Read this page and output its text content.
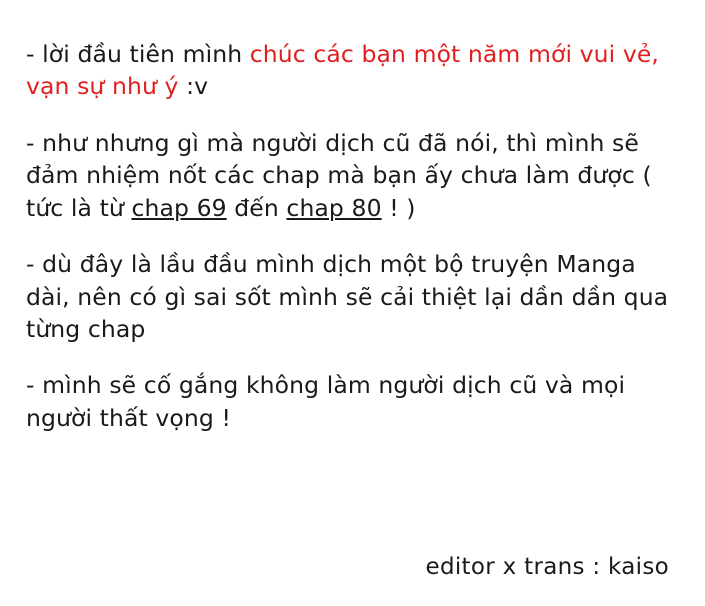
- lời đầu tiên mình chúc các bạn một năm mới vui vẻ, vạn sự như ý :v

- như nhưng gì mà người dịch cũ đã nói, thì mình sẽ đảm nhiệm nốt các chap mà bạn ấy chưa làm được ( tức là từ chap 69 đến chap 80 ! )

- dù đây là lầu đầu mình dịch một bộ truyện Manga dài, nên có gì sai sốt mình sẽ cải thiệt lại dần dần qua từng chap

- mình sẽ cố gắng không làm người dịch cũ và mọi người thất vọng !

editor x trans : kaiso
